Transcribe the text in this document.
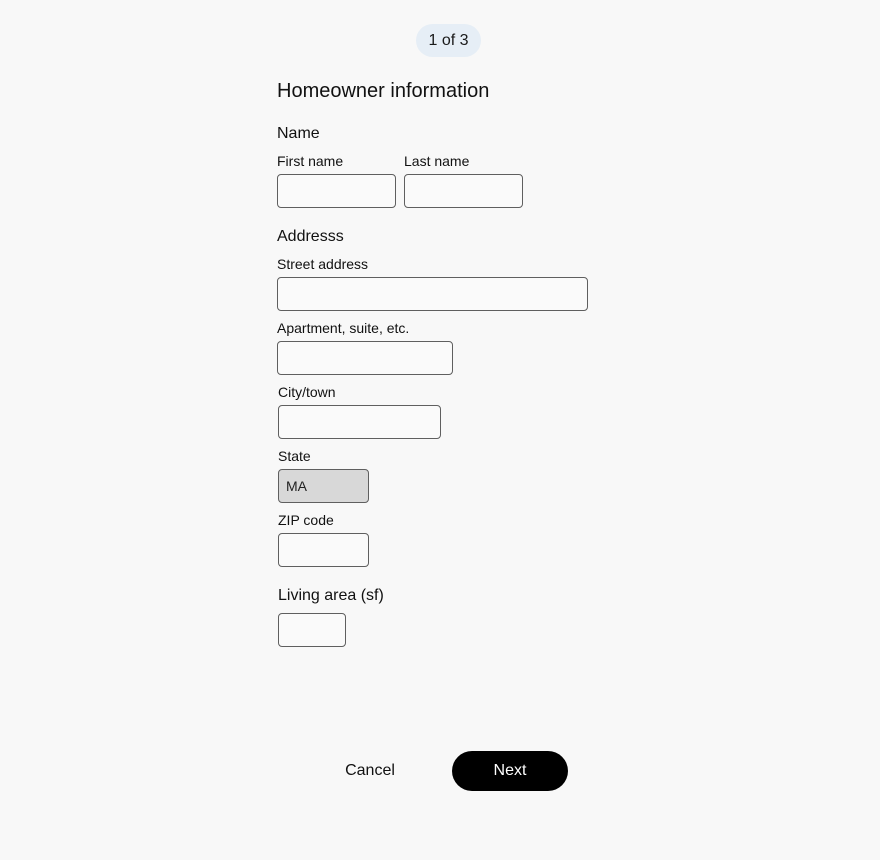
1 of 3
Homeowner information
Name
First name	Last name
Addresss
Street address
Apartment, suite, etc.
City/town
State
MA
ZIP code
Living area (sf)
Cancel	Next
